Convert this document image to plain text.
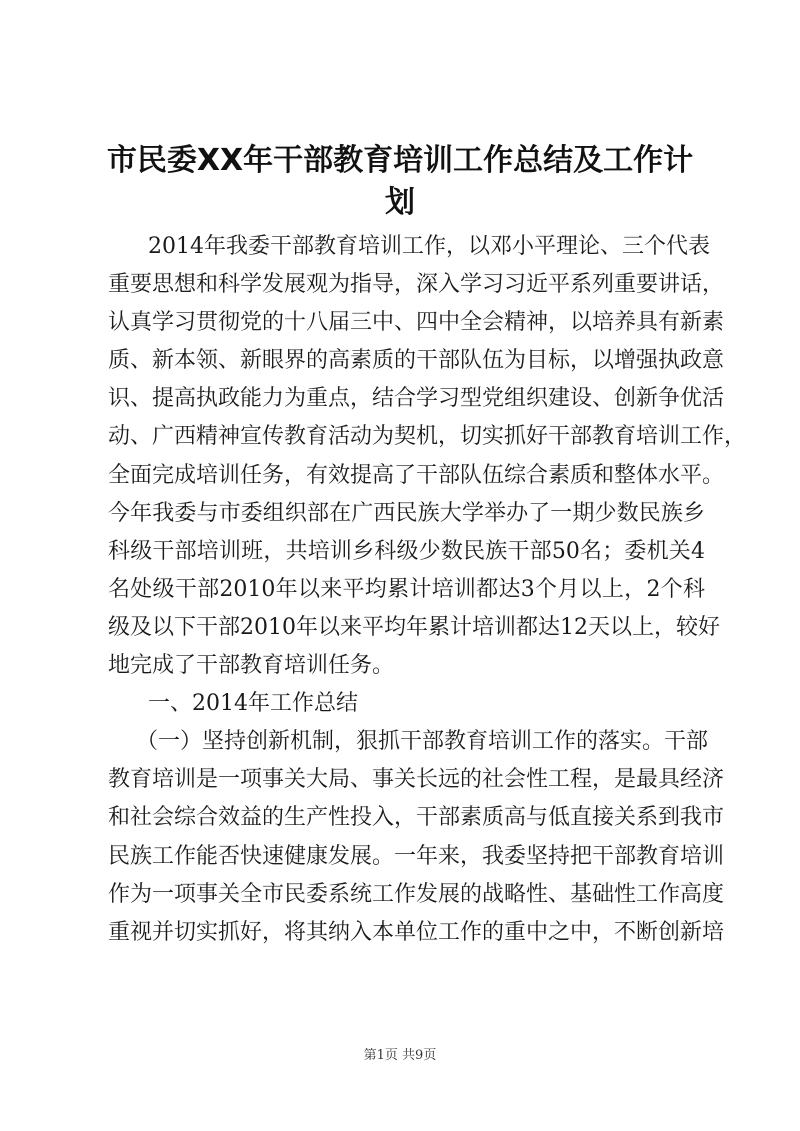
市民委XX年干部教育培训工作总结及工作计
划
2014年我委干部教育培训工作，以邓小平理论、三个代表
重要思想和科学发展观为指导，深入学习习近平系列重要讲话，
认真学习贯彻党的十八届三中、四中全会精神，以培养具有新素
质、新本领、新眼界的高素质的干部队伍为目标，以增强执政意
识、提高执政能力为重点，结合学习型党组织建设、创新争优活
动、广西精神宣传教育活动为契机，切实抓好干部教育培训工作，
全面完成培训任务，有效提高了干部队伍综合素质和整体水平。
今年我委与市委组织部在广西民族大学举办了一期少数民族乡
科级干部培训班，共培训乡科级少数民族干部50名；委机关4
名处级干部2010年以来平均累计培训都达3个月以上，2个科
级及以下干部2010年以来平均年累计培训都达12天以上，较好
地完成了干部教育培训任务。
一、2014年工作总结
（一）坚持创新机制，狠抓干部教育培训工作的落实。干部
教育培训是一项事关大局、事关长远的社会性工程，是最具经济
和社会综合效益的生产性投入，干部素质高与低直接关系到我市
民族工作能否快速健康发展。一年来，我委坚持把干部教育培训
作为一项事关全市民委系统工作发展的战略性、基础性工作高度
重视并切实抓好，将其纳入本单位工作的重中之中，不断创新培
第1页 共9页
